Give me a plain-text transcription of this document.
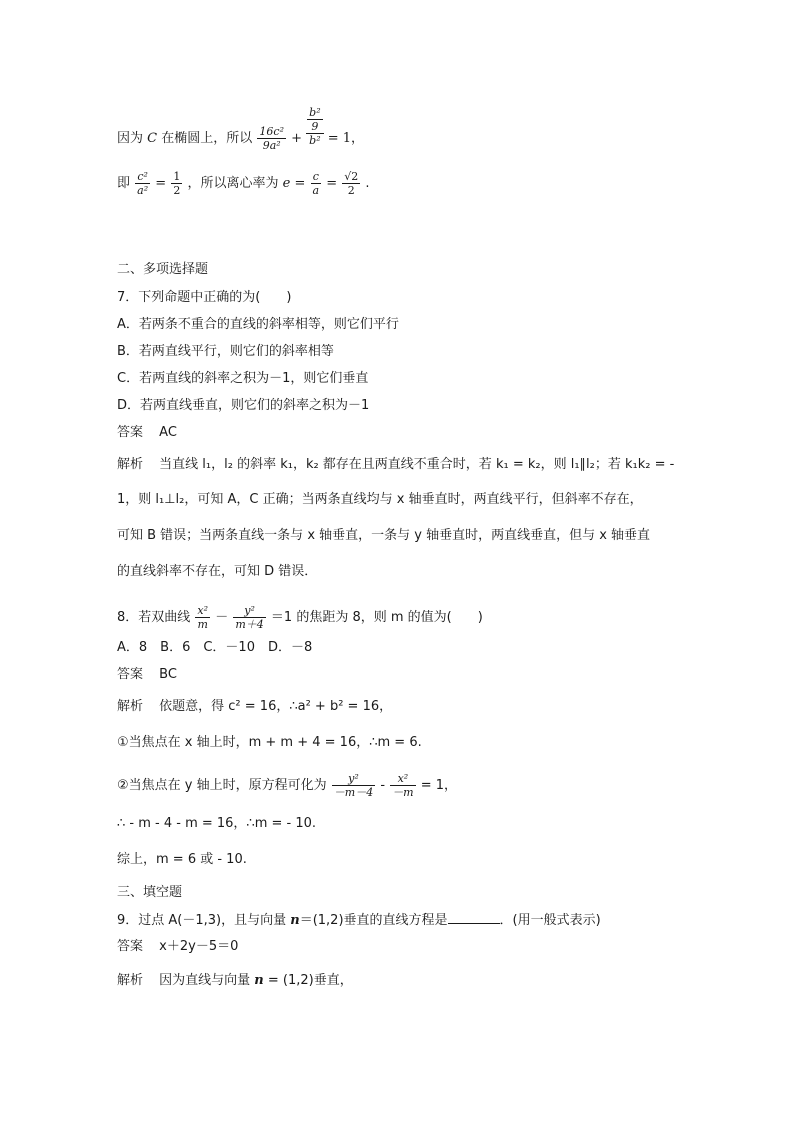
因为 C 在椭圆上，所以 $\frac{\text{16c²}}{\text{9a²}}$ +
$\frac{\text{b²}}{9}$
b² = 1，
即 $\frac{\text{c²}}{\text{a²}} = \frac{1}{2}$ ，所以离心率为 $e = \frac{c}{a} = \frac{√2}{2}$ .
二、多项选择题
7．下列命题中正确的为(　　)
A．若两条不重合的直线的斜率相等，则它们平行
B．若两直线平行，则它们的斜率相等
C．若两直线的斜率之积为－1，则它们垂直
D．若两直线垂直，则它们的斜率之积为－1
答案 AC
解析 当直线 l₁，l₂ 的斜率 k₁，k₂ 都存在且两直线不重合时，若 k₁ = k₂，则 l₁∥l₂；若 k₁k₂ = -
1，则 l₁⊥l₂，可知 A，C 正确；当两条直线均与 x 轴垂直时，两直线平行，但斜率不存在，
可知 B 错误；当两条直线一条与 x 轴垂直，一条与 y 轴垂直时，两直线垂直，但与 x 轴垂直
的直线斜率不存在，可知 D 错误．
8．若双曲线 $\frac{\text{x²}}{m} - \frac{\text{y²}}{m+4} =1$ 的焦距为 8，则 m 的值为(　　)
A．8　B．6　C．－10　D．－8
答案 BC
解析 依题意，得 c² = 16，∴a² + b² = 16，
①当焦点在 x 轴上时，m + m + 4 = 16，∴m = 6.
②当焦点在 y 轴上时，原方程可化为 $\frac{\text{y²}}{-m-4} - \frac{\text{x²}}{-m} = 1$，
∴ - m - 4 - m = 16，∴m = - 10.
综上，m = 6 或 - 10.
三、填空题
9．过点 A(－1,3)，且与向量 n＝(1,2)垂直的直线方程是	．(用一般式表示)
答案 x＋2y－5＝0
解析 因为直线与向量 n = (1,2)垂直，
